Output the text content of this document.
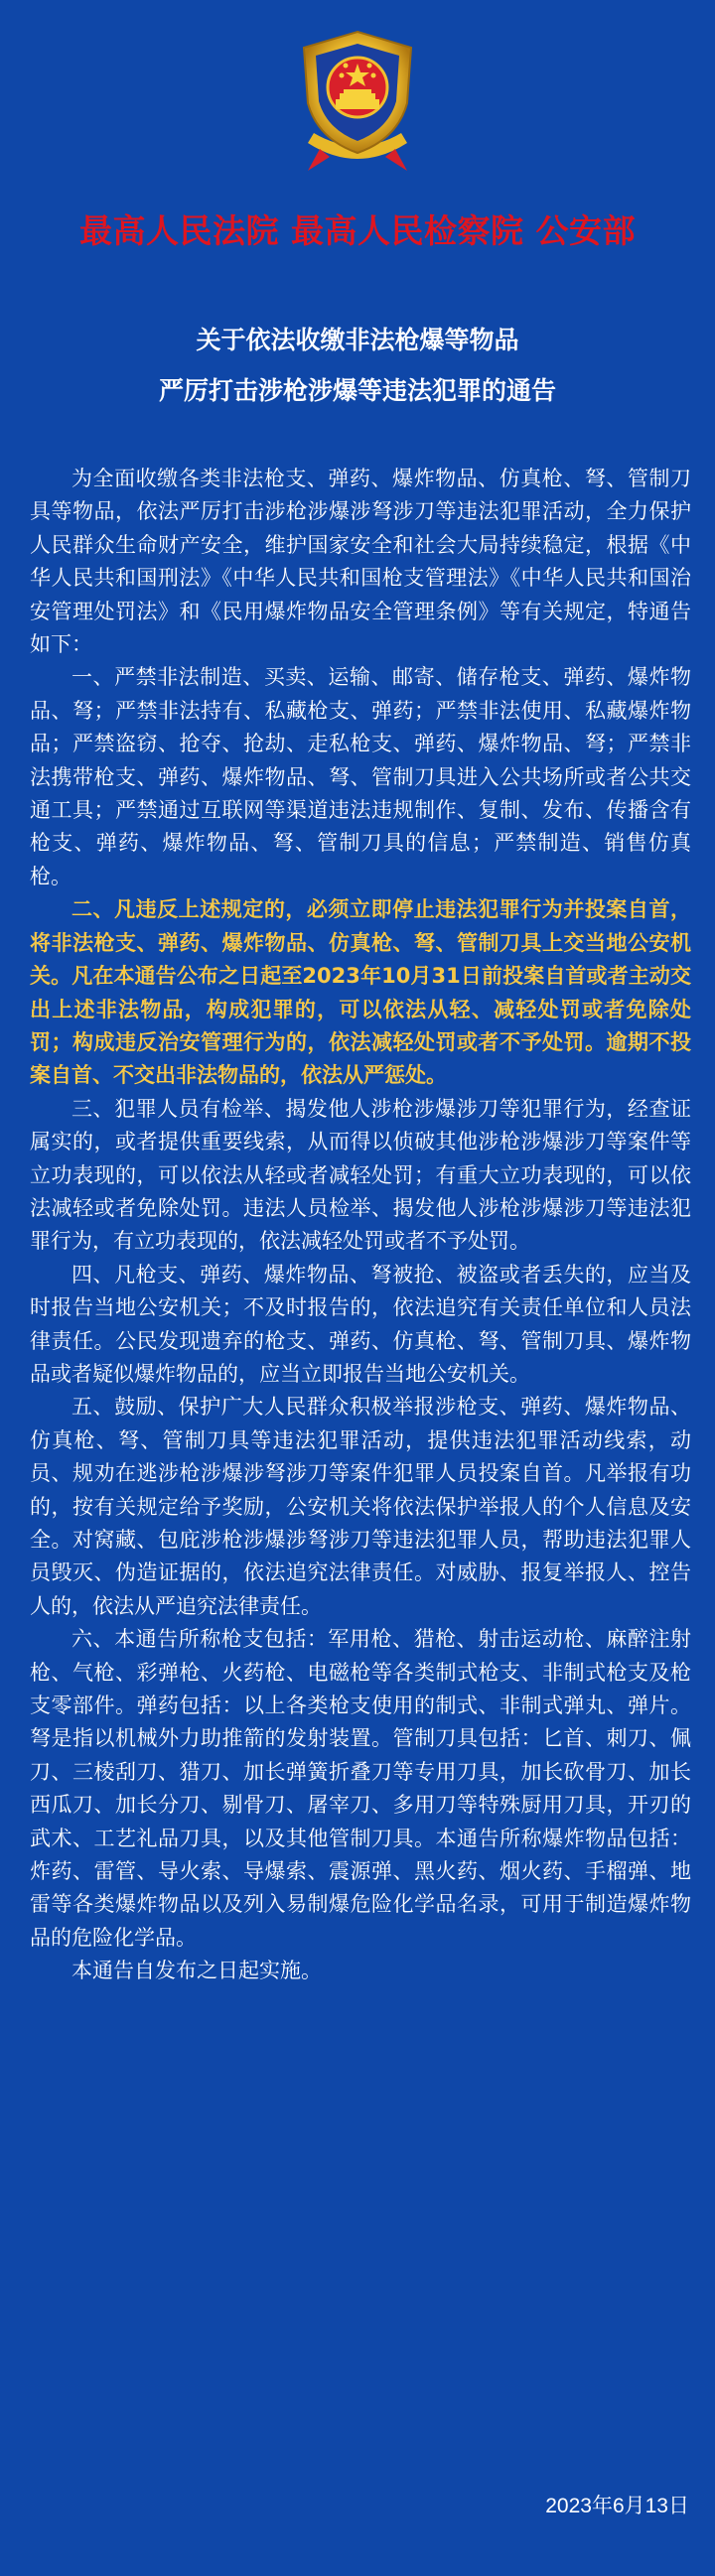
最高人民法院 最高人民检察院 公安部
关于依法收缴非法枪爆等物品
严厉打击涉枪涉爆等违法犯罪的通告

为全面收缴各类非法枪支、弹药、爆炸物品、仿真枪、弩、管制刀具等物品，依法严厉打击涉枪涉爆涉弩涉刀等违法犯罪活动，全力保护人民群众生命财产安全，维护国家安全和社会大局持续稳定，根据《中华人民共和国刑法》《中华人民共和国枪支管理法》《中华人民共和国治安管理处罚法》和《民用爆炸物品安全管理条例》等有关规定，特通告如下：

一、严禁非法制造、买卖、运输、邮寄、储存枪支、弹药、爆炸物品、弩；严禁非法持有、私藏枪支、弹药；严禁非法使用、私藏爆炸物品；严禁盗窃、抢夺、抢劫、走私枪支、弹药、爆炸物品、弩；严禁非法携带枪支、弹药、爆炸物品、弩、管制刀具进入公共场所或者公共交通工具；严禁通过互联网等渠道违法违规制作、复制、发布、传播含有枪支、弹药、爆炸物品、弩、管制刀具的信息；严禁制造、销售仿真枪。

二、凡违反上述规定的，必须立即停止违法犯罪行为并投案自首，将非法枪支、弹药、爆炸物品、仿真枪、弩、管制刀具上交当地公安机关。凡在本通告公布之日起至2023年10月31日前投案自首或者主动交出上述非法物品，构成犯罪的，可以依法从轻、减轻处罚或者免除处罚；构成违反治安管理行为的，依法减轻处罚或者不予处罚。逾期不投案自首、不交出非法物品的，依法从严惩处。

三、犯罪人员有检举、揭发他人涉枪涉爆涉刀等犯罪行为，经查证属实的，或者提供重要线索，从而得以侦破其他涉枪涉爆涉刀等案件等立功表现的，可以依法从轻或者减轻处罚；有重大立功表现的，可以依法减轻或者免除处罚。违法人员检举、揭发他人涉枪涉爆涉刀等违法犯罪行为，有立功表现的，依法减轻处罚或者不予处罚。

四、凡枪支、弹药、爆炸物品、弩被抢、被盗或者丢失的，应当及时报告当地公安机关；不及时报告的，依法追究有关责任单位和人员法律责任。公民发现遗弃的枪支、弹药、仿真枪、弩、管制刀具、爆炸物品或者疑似爆炸物品的，应当立即报告当地公安机关。

五、鼓励、保护广大人民群众积极举报涉枪支、弹药、爆炸物品、仿真枪、弩、管制刀具等违法犯罪活动，提供违法犯罪活动线索，动员、规劝在逃涉枪涉爆涉弩涉刀等案件犯罪人员投案自首。凡举报有功的，按有关规定给予奖励，公安机关将依法保护举报人的个人信息及安全。对窝藏、包庇涉枪涉爆涉弩涉刀等违法犯罪人员，帮助违法犯罪人员毁灭、伪造证据的，依法追究法律责任。对威胁、报复举报人、控告人的，依法从严追究法律责任。

六、本通告所称枪支包括：军用枪、猎枪、射击运动枪、麻醉注射枪、气枪、彩弹枪、火药枪、电磁枪等各类制式枪支、非制式枪支及枪支零部件。弹药包括：以上各类枪支使用的制式、非制式弹丸、弹片。弩是指以机械外力助推箭的发射装置。管制刀具包括：匕首、刺刀、佩刀、三棱刮刀、猎刀、加长弹簧折叠刀等专用刀具，加长砍骨刀、加长西瓜刀、加长分刀、剔骨刀、屠宰刀、多用刀等特殊厨用刀具，开刃的武术、工艺礼品刀具，以及其他管制刀具。本通告所称爆炸物品包括：炸药、雷管、导火索、导爆索、震源弹、黑火药、烟火药、手榴弹、地雷等各类爆炸物品以及列入易制爆危险化学品名录，可用于制造爆炸物品的危险化学品。

本通告自发布之日起实施。

2023年6月13日
